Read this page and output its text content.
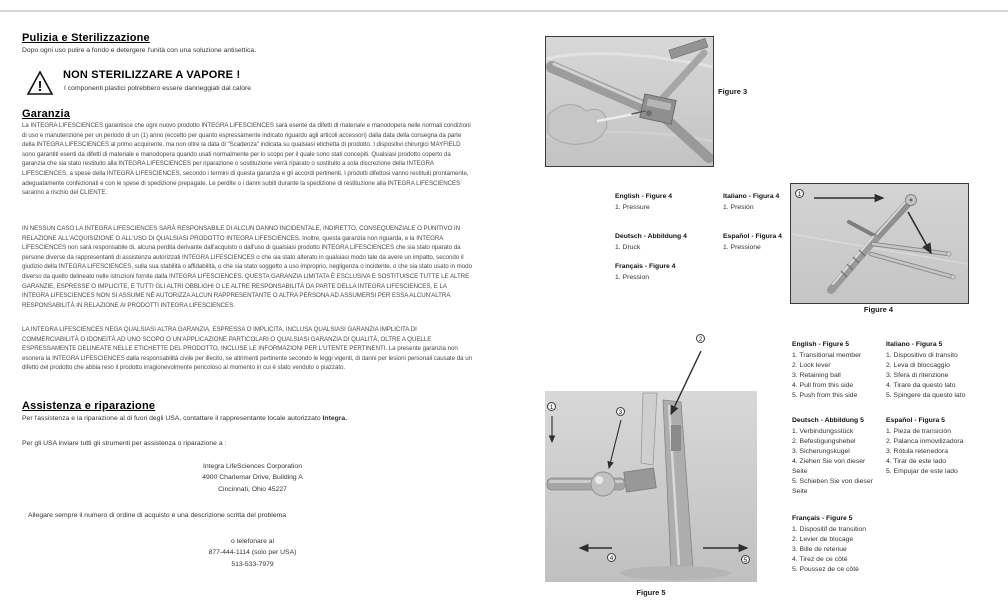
Pulizia e Sterilizzazione
Dopo ogni uso pulire a fondo e detergere l'unità con una soluzione antisettica.
!
NON STERILIZZARE A VAPORE !
I componenti plastici potrebbero essere danneggiati dal calore
Garanzia
La INTEGRA LIFESCIENCES garantisce che ogni nuovo prodotto INTEGRA LIFESCIENCES sarà esente da difetti di materiale e manodopera nelle normali condizioni di uso e manutenzione per un periodo di un (1) anno (eccetto per quanto espressamente indicato riguardo agli articoli accessori) dalla data della consegna da parte della INTEGRA LIFESCIENCES al primo acquirente, ma non oltre la data di "Scadenza" indicata su qualsiasi etichetta di prodotto. I dispositivi chirurgici MAYFIELD sono garantiti esenti da difetti di materiale e manodopera quando usati normalmente per lo scopo per il quale sono stati concepiti. Qualsiasi prodotto coperto da garanzia che sia stato restituito alla INTEGRA LIFESCIENCES per riparazione o sostituzione verrà riparato o sostituito a sola discrezione della INTEGRA LIFESCIENCES, a spese della INTEGRA LIFESCIENCES, secondo i termini di questa garanzia e gli accordi pertinenti. I prodotti difettosi vanno restituiti prontamente, adeguatamente confezionati e con le spese di spedizione prepagate. Le perdite o i danni subiti durante la spedizione di restituzione alla INTEGRA LIFESCIENCES saranno a rischio del CLIENTE.
IN NESSUN CASO LA INTEGRA LIFESCIENCES SARÀ RESPONSABILE DI ALCUN DANNO INCIDENTALE, INDIRETTO, CONSEQUENZIALE O PUNITIVO IN RELAZIONE ALL'ACQUISIZIONE O ALL'USO DI QUALSIASI PRODOTTO INTEGRA LIFESCIENCES. Inoltre, questa garanzia non riguarda, e la INTEGRA LIFESCIENCES non sarà responsabile di, alcuna perdita derivante dall'acquisto o dall'uso di qualsiasi prodotto INTEGRA LIFESCIENCES che sia stato riparato da persone diverse da rappresentanti di assistenza autorizzati INTEGRA LIFESCIENCES o che sia stato alterato in qualsiasi modo tale da avere un impatto, secondo il giudizio della INTEGRA LIFESCIENCES, sulla sua stabilità o affidabilità, o che sia stato soggetto a uso improprio, negligenza o incidente, o che sia stato usato in modo diverso da quello delineato nelle istruzioni fornite dalla INTEGRA LIFESCIENCES. QUESTA GARANZIA LIMITATA È ESCLUSIVA E SOSTITUISCE TUTTE LE ALTRE GARANZIE, ESPRESSE O IMPLICITE, E TUTTI GLI ALTRI OBBLIGHI O LE ALTRE RESPONSABILITÀ DA PARTE DELLA INTEGRA LIFESCIENCES, E LA INTEGRA LIFESCIENCES NON SI ASSUME NÉ AUTORIZZA ALCUN RAPPRESENTANTE O ALTRA PERSONA AD ASSUMERSI PER ESSA ALCUN'ALTRA RESPONSABILITÀ IN RELAZIONE AI PRODOTTI INTEGRA LIFESCIENCES.
LA INTEGRA LIFESCIENCES NEGA QUALSIASI ALTRA GARANZIA, ESPRESSA O IMPLICITA, INCLUSA QUALSIASI GARANZIA IMPLICITA DI COMMERCIABILITÀ O IDONEITÀ AD UNO SCOPO O UN'APPLICAZIONE PARTICOLARI O QUALSIASI GARANZIA DI QUALITÀ, OLTRE A QUELLE ESPRESSAMENTE DELINEATE NELLE ETICHETTE DEL PRODOTTO, INCLUSE LE INFORMAZIONI PER L'UTENTE PERTINENTI. La presente garanzia non esonera la INTEGRA LIFESCIENCES dalla responsabilità civile per illecito, se altrimenti pertinente secondo le leggi vigenti, di danni per lesioni personali causate da un difetto del prodotto che abbia reso il prodotto irragionevolmente pericoloso al momento in cui è stato venduto o piazzato.
Assistenza e riparazione
Per l'assistenza e la riparazione al di fuori degli USA, contattare il rappresentante locale autorizzato Integra.
Per gli USA inviare tutti gli strumenti per assistenza o riparazione a :
Integra LifeSciences Corporation
4900 Charlemar Drive, Building A
Cincinnati, Ohio 45227
Allegare sempre il numero di ordine di acquisto e una descrizione scritta del problema
o telefonare al
877-444-1114 (solo per USA)
513-533-7979
Figure 3
English - Figure 4
1. Pressure
Italiano - Figura 4
1. Presión
Deutsch - Abbildung 4
1. Druck
Español - Figura 4
1. Pressione
Français - Figure 4
1. Pression
1
Figure 4
1
2
3
4	5
Figure 5
English - Figure 5
1. Transitional member
2. Lock lever
3. Retaining ball
4. Pull from this side
5. Push from this side
Italiano - Figura 5
1. Dispositivo di transito
2. Leva di bloccaggio
3. Sfera di ritenzione
4. Tirare da questo lato
5. Spingere da questo lato
Deutsch - Abbildung 5
1. Verbindungsstück
2. Befestigungshebel
3. Sicherungskugel
4. Ziehen Sie von dieser Seite
5. Schieben Sie von dieser Seite
Español - Figura 5
1. Pieza de transición
2. Palanca inmovilizadora
3. Rótula retenedora
4. Tirar de este lado
5. Empujar de este lado
Français - Figure 5
1. Dispositif de transition
2. Levier de blocage
3. Bille de retenue
4. Tirez de ce côté
5. Poussez de ce côté
